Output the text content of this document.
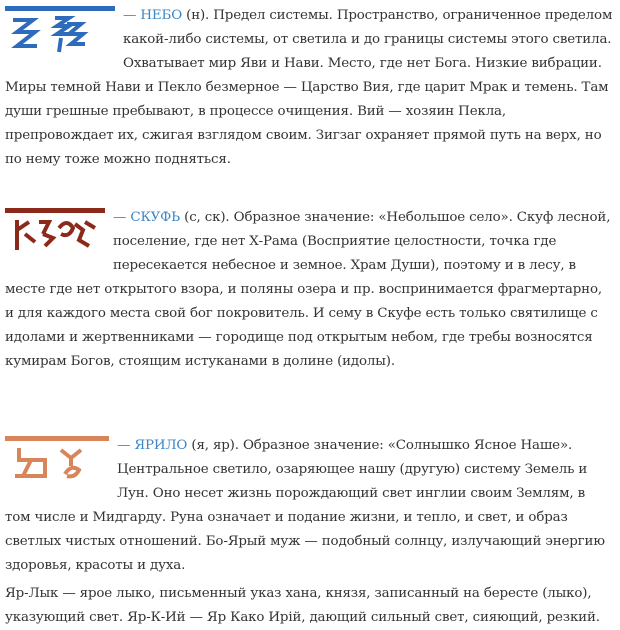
— НЕБО (н). Предел системы. Пространство, ограниченное пределом какой-либо системы, от светила и до границы системы этого светила. Охватывает мир Яви и Нави. Место, где нет Бога. Низкие вибрации. Миры темной Нави и Пекло безмерное — Царство Вия, где царит Мрак и темень. Там души грешные пребывают, в процессе очищения. Вий — хозяин Пекла, препровождает их, сжигая взглядом своим. Зигзаг охраняет прямой путь на верх, но по нему тоже можно подняться.

— СКУФЬ (с, ск). Образное значение: «Небольшое село». Скуф лесной, поселение, где нет Х-Рама (Восприятие целостности, точка где пересекается небесное и земное. Храм Души), поэтому и в лесу, в месте где нет открытого взора, и поляны озера и пр. воспринимается фрагмертарно, и для каждого места свой бог покровитель. И сему в Скуфе есть только святилище с идолами и жертвенниками — городище под открытым небом, где требы возносятся кумирам Богов, стоящим истуканами в долине (идолы).

— ЯРИЛО (я, яр). Образное значение: «Солнышко Ясное Наше». Центральное светило, озаряющее нашу (другую) систему Земель и Лун. Оно несет жизнь порождающий свет инглии своим Землям, в том числе и Мидгарду. Руна означает и подание жизни, и тепло, и свет, и образ светлых чистых отношений. Бо-Ярый муж — подобный солнцу, излучающий энергию здоровья, красоты и духа.

Яр-Лык — ярое лыко, письменный указ хана, князя, записанный на бересте (лыко), указующий свет. Яр-К-Ий — Яр Како Ирій, дающий сильный свет, сияющий, резкий.
